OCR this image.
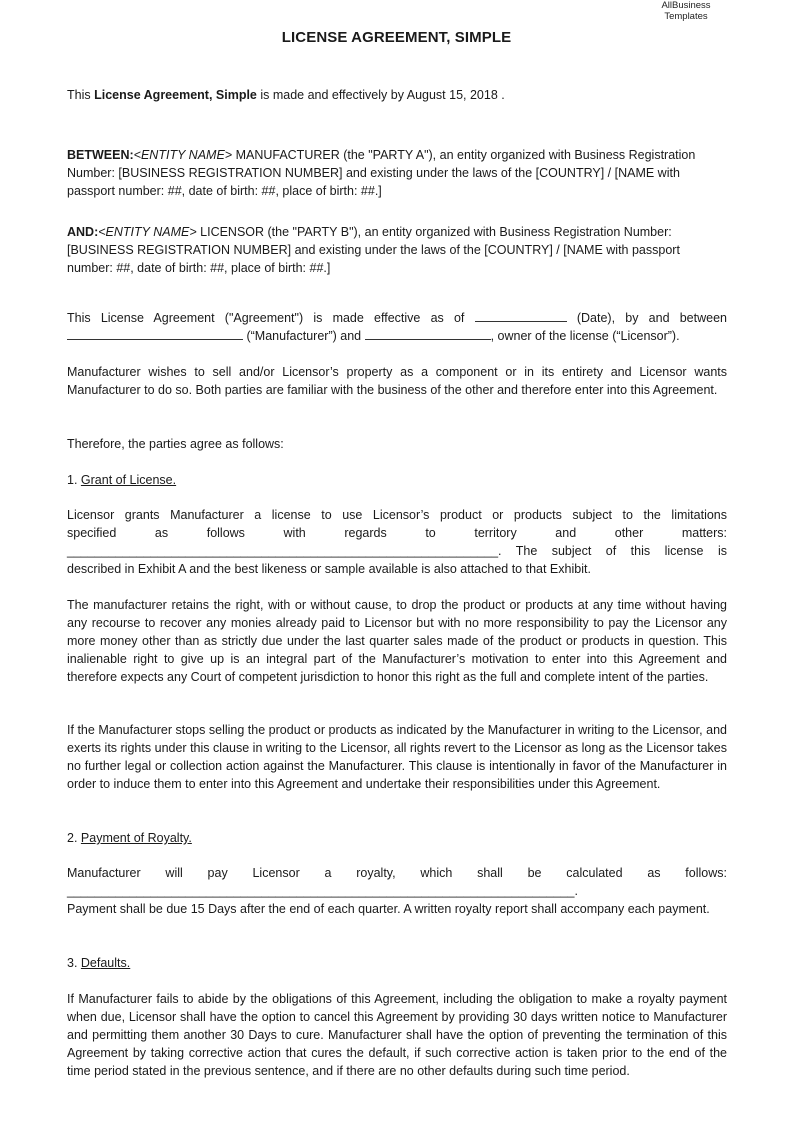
AllBusiness
Templates
LICENSE AGREEMENT, SIMPLE
This License Agreement, Simple is made and effectively by August 15, 2018 .
BETWEEN:<ENTITY NAME> MANUFACTURER (the "PARTY A"), an entity organized with Business Registration
Number: [BUSINESS REGISTRATION NUMBER] and existing under the laws of the [COUNTRY] / [NAME with
passport number: ##, date of birth: ##, place of birth: ##.]
AND:<ENTITY NAME> LICENSOR (the "PARTY B"), an entity organized with Business Registration Number:
[BUSINESS REGISTRATION NUMBER] and existing under the laws of the [COUNTRY] / [NAME with passport
number: ##, date of birth: ##, place of birth: ##.]
This License Agreement ("Agreement") is made effective as of	(Date), by and between
(“Manufacturer”) and	, owner of the license (“Licensor”).
Manufacturer wishes to sell and/or Licensor’s property as a component or in its entirety and Licensor wants Manufacturer to do so. Both parties are familiar with the business of the other and therefore enter into this Agreement.
Therefore, the parties agree as follows:
1. Grant of License.
Licensor grants Manufacturer a license to use Licensor’s product or products subject to the limitations
specified as follows with regards to territory and other matters:
______________________________________________________________. The subject of this license is
described in Exhibit A and the best likeness or sample available is also attached to that Exhibit.
The manufacturer retains the right, with or without cause, to drop the product or products at any time without having any recourse to recover any monies already paid to Licensor but with no more responsibility to pay the Licensor any more money other than as strictly due under the last quarter sales made of the product or products in question. This inalienable right to give up is an integral part of the Manufacturer’s motivation to enter into this Agreement and therefore expects any Court of competent jurisdiction to honor this right as the full and complete intent of the parties.
If the Manufacturer stops selling the product or products as indicated by the Manufacturer in writing to the Licensor, and exerts its rights under this clause in writing to the Licensor, all rights revert to the Licensor as long as the Licensor takes no further legal or collection action against the Manufacturer. This clause is intentionally in favor of the Manufacturer in order to induce them to enter into this Agreement and undertake their responsibilities under this Agreement.
2. Payment of Royalty.
Manufacturer will pay Licensor a royalty, which shall be calculated as follows:
_________________________________________________________________________.
Payment shall be due 15 Days after the end of each quarter. A written royalty report shall accompany each payment.
3. Defaults.
If Manufacturer fails to abide by the obligations of this Agreement, including the obligation to make a royalty payment when due, Licensor shall have the option to cancel this Agreement by providing 30 days written notice to Manufacturer and permitting them another 30 Days to cure. Manufacturer shall have the option of preventing the termination of this Agreement by taking corrective action that cures the default, if such corrective action is taken prior to the end of the time period stated in the previous sentence, and if there are no other defaults during such time period.
